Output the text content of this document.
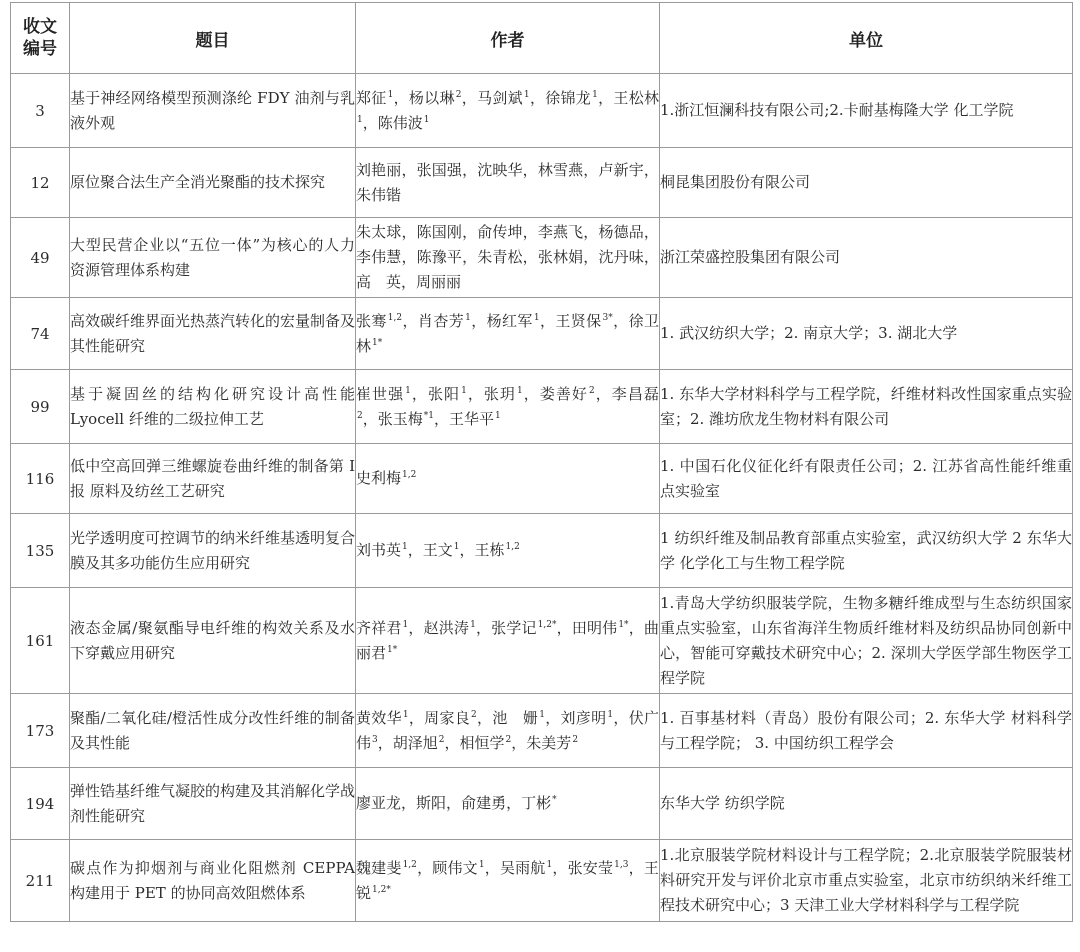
收文
编号	题目	作者	单位
3	基于神经网络模型预测涤纶 FDY 油剂与乳液外观	郑征$^1$，杨以琳$^2$，马剑斌$^1$，徐锦龙$^1$，王松林$^1$，陈伟波$^1$	1.浙江恒澜科技有限公司;2.卡耐基梅隆大学 化工学院
12	原位聚合法生产全消光聚酯的技术探究	刘艳丽，张国强，沈映华，林雪燕，卢新宇，朱伟锴	桐昆集团股份有限公司
49	大型民营企业以“五位一体”为核心的人力资源管理体系构建	朱太球，陈国刚，俞传坤，李燕飞，杨德品，李伟慧，陈豫平，朱青松，张林娟，沈丹味，高　英，周丽丽	浙江荣盛控股集团有限公司
74	高效碳纤维界面光热蒸汽转化的宏量制备及其性能研究	张骞$^{1,2}$，肖杏芳$^1$，杨红军$^1$，王贤保$^{3*}$，徐卫林$^{1*}$	1. 武汉纺织大学；2. 南京大学；3. 湖北大学
99	基于凝固丝的结构化研究设计高性能 Lyocell 纤维的二级拉伸工艺	崔世强$^1$，张阳$^1$，张玥$^1$，娄善好$^2$，李昌磊$^2$，张玉梅$^{*1}$，王华平$^1$	1. 东华大学材料科学与工程学院，纤维材料改性国家重点实验室；2. 潍坊欣龙生物材料有限公司
116	低中空高回弹三维螺旋卷曲纤维的制备第 I 报 原料及纺丝工艺研究	史利梅$^{1,2}$	1. 中国石化仪征化纤有限责任公司；2. 江苏省高性能纤维重点实验室
135	光学透明度可控调节的纳米纤维基透明复合膜及其多功能仿生应用研究	刘书英$^1$，王文$^1$，王栋$^{1,2}$	1 纺织纤维及制品教育部重点实验室，武汉纺织大学 2 东华大学 化学化工与生物工程学院
161	液态金属/聚氨酯导电纤维的构效关系及水下穿戴应用研究	齐祥君$^1$，赵洪涛$^1$，张学记$^{1,2*}$，田明伟$^{1*}$，曲丽君$^{1*}$	1.青岛大学纺织服装学院，生物多糖纤维成型与生态纺织国家重点实验室，山东省海洋生物质纤维材料及纺织品协同创新中心，智能可穿戴技术研究中心；2. 深圳大学医学部生物医学工程学院
173	聚酯/二氧化硅/橙活性成分改性纤维的制备及其性能	黄效华$^1$，周家良$^2$，池　姗$^1$，刘彦明$^1$，伏广伟$^3$，胡泽旭$^2$，相恒学$^2$，朱美芳$^2$	1. 百事基材料（青岛）股份有限公司；2. 东华大学 材料科学与工程学院； 3. 中国纺织工程学会
194	弹性锆基纤维气凝胶的构建及其消解化学战剂性能研究	廖亚龙，斯阳，俞建勇，丁彬*	东华大学 纺织学院
211	碳点作为抑烟剂与商业化阻燃剂 CEPPA 构建用于 PET 的协同高效阻燃体系	魏建斐$^{1,2}$，顾伟文$^1$，吴雨航$^1$，张安莹$^{1,3}$，王锐$^{1,2*}$	1.北京服装学院材料设计与工程学院；2.北京服装学院服装材料研究开发与评价北京市重点实验室，北京市纺织纳米纤维工程技术研究中心；3 天津工业大学材料科学与工程学院
